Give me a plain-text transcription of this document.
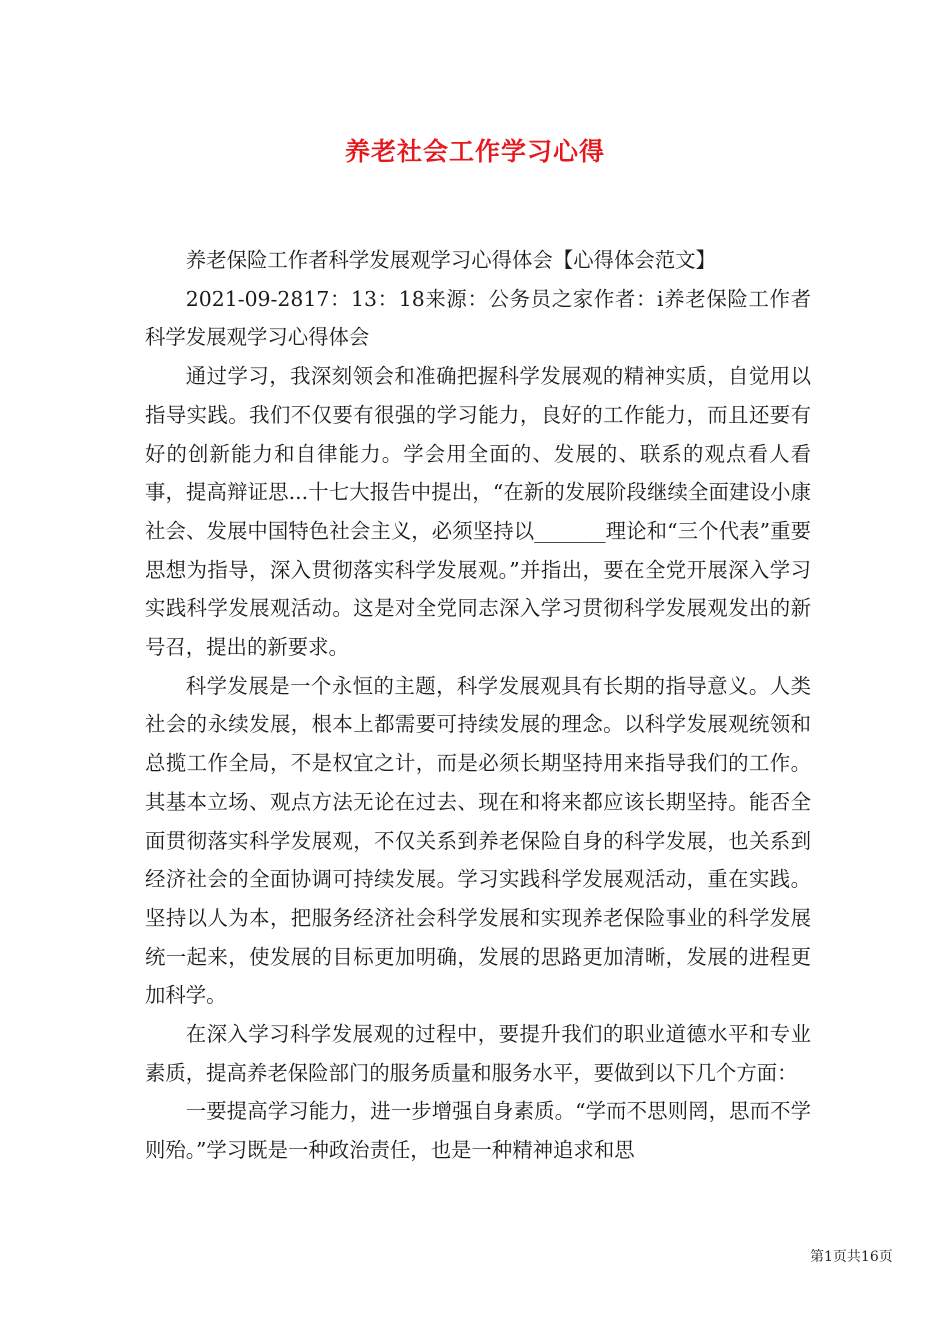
养老社会工作学习心得

养老保险工作者科学发展观学习心得体会【心得体会范文】

2021-09-2817：13：18来源：公务员之家作者：i养老保险工作者科学发展观学习心得体会

通过学习，我深刻领会和准确把握科学发展观的精神实质，自觉用以指导实践。我们不仅要有很强的学习能力，良好的工作能力，而且还要有好的创新能力和自律能力。学会用全面的、发展的、联系的观点看人看事，提高辩证思...十七大报告中提出，“在新的发展阶段继续全面建设小康社会、发展中国特色社会主义，必须坚持以_______理论和“三个代表”重要思想为指导，深入贯彻落实科学发展观。”并指出，要在全党开展深入学习实践科学发展观活动。这是对全党同志深入学习贯彻科学发展观发出的新号召，提出的新要求。

科学发展是一个永恒的主题，科学发展观具有长期的指导意义。人类社会的永续发展，根本上都需要可持续发展的理念。以科学发展观统领和总揽工作全局，不是权宜之计，而是必须长期坚持用来指导我们的工作。其基本立场、观点方法无论在过去、现在和将来都应该长期坚持。能否全面贯彻落实科学发展观，不仅关系到养老保险自身的科学发展，也关系到经济社会的全面协调可持续发展。学习实践科学发展观活动，重在实践。坚持以人为本，把服务经济社会科学发展和实现养老保险事业的科学发展统一起来，使发展的目标更加明确，发展的思路更加清晰，发展的进程更加科学。

在深入学习科学发展观的过程中，要提升我们的职业道德水平和专业素质，提高养老保险部门的服务质量和服务水平，要做到以下几个方面：

一要提高学习能力，进一步增强自身素质。“学而不思则罔，思而不学则殆。”学习既是一种政治责任，也是一种精神追求和思

第1页共16页
